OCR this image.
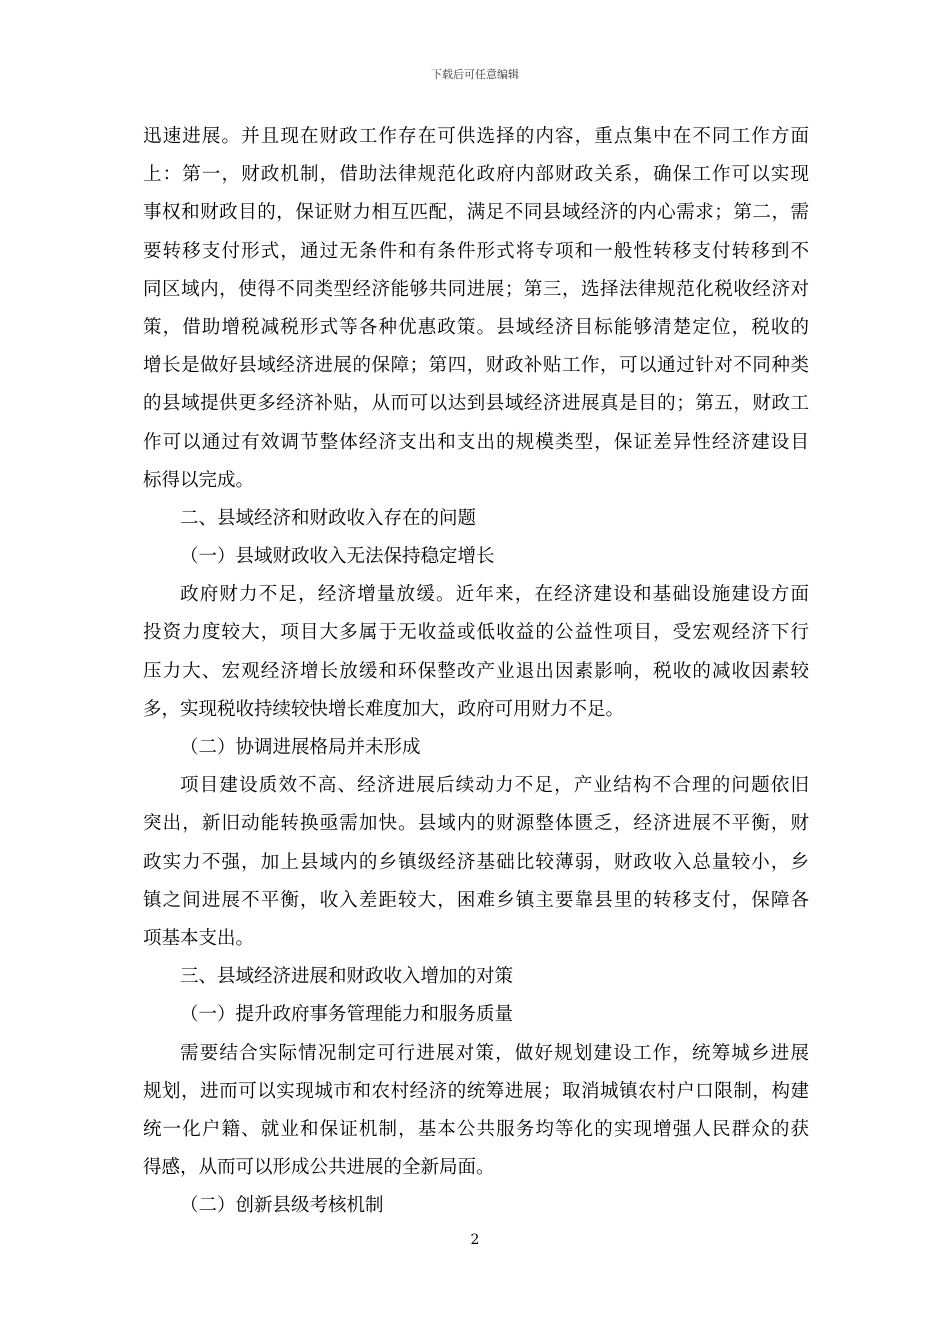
下载后可任意编辑
迅速进展。并且现在财政工作存在可供选择的内容，重点集中在不同工作方面
上：第一，财政机制，借助法律规范化政府内部财政关系，确保工作可以实现
事权和财政目的，保证财力相互匹配，满足不同县域经济的内心需求；第二，需
要转移支付形式，通过无条件和有条件形式将专项和一般性转移支付转移到不
同区域内，使得不同类型经济能够共同进展；第三，选择法律规范化税收经济对
策，借助增税减税形式等各种优惠政策。县域经济目标能够清楚定位，税收的
增长是做好县域经济进展的保障；第四，财政补贴工作，可以通过针对不同种类
的县域提供更多经济补贴，从而可以达到县域经济进展真是目的；第五，财政工
作可以通过有效调节整体经济支出和支出的规模类型，保证差异性经济建设目
标得以完成。
二、县域经济和财政收入存在的问题
（一）县域财政收入无法保持稳定增长
政府财力不足，经济增量放缓。近年来，在经济建设和基础设施建设方面
投资力度较大，项目大多属于无收益或低收益的公益性项目，受宏观经济下行
压力大、宏观经济增长放缓和环保整改产业退出因素影响，税收的减收因素较
多，实现税收持续较快增长难度加大，政府可用财力不足。
（二）协调进展格局并未形成
项目建设质效不高、经济进展后续动力不足，产业结构不合理的问题依旧
突出，新旧动能转换亟需加快。县域内的财源整体匮乏，经济进展不平衡，财
政实力不强，加上县域内的乡镇级经济基础比较薄弱，财政收入总量较小，乡
镇之间进展不平衡，收入差距较大，困难乡镇主要靠县里的转移支付，保障各
项基本支出。
三、县域经济进展和财政收入增加的对策
（一）提升政府事务管理能力和服务质量
需要结合实际情况制定可行进展对策，做好规划建设工作，统筹城乡进展
规划，进而可以实现城市和农村经济的统筹进展；取消城镇农村户口限制，构建
统一化户籍、就业和保证机制，基本公共服务均等化的实现增强人民群众的获
得感，从而可以形成公共进展的全新局面。
（二）创新县级考核机制
2
